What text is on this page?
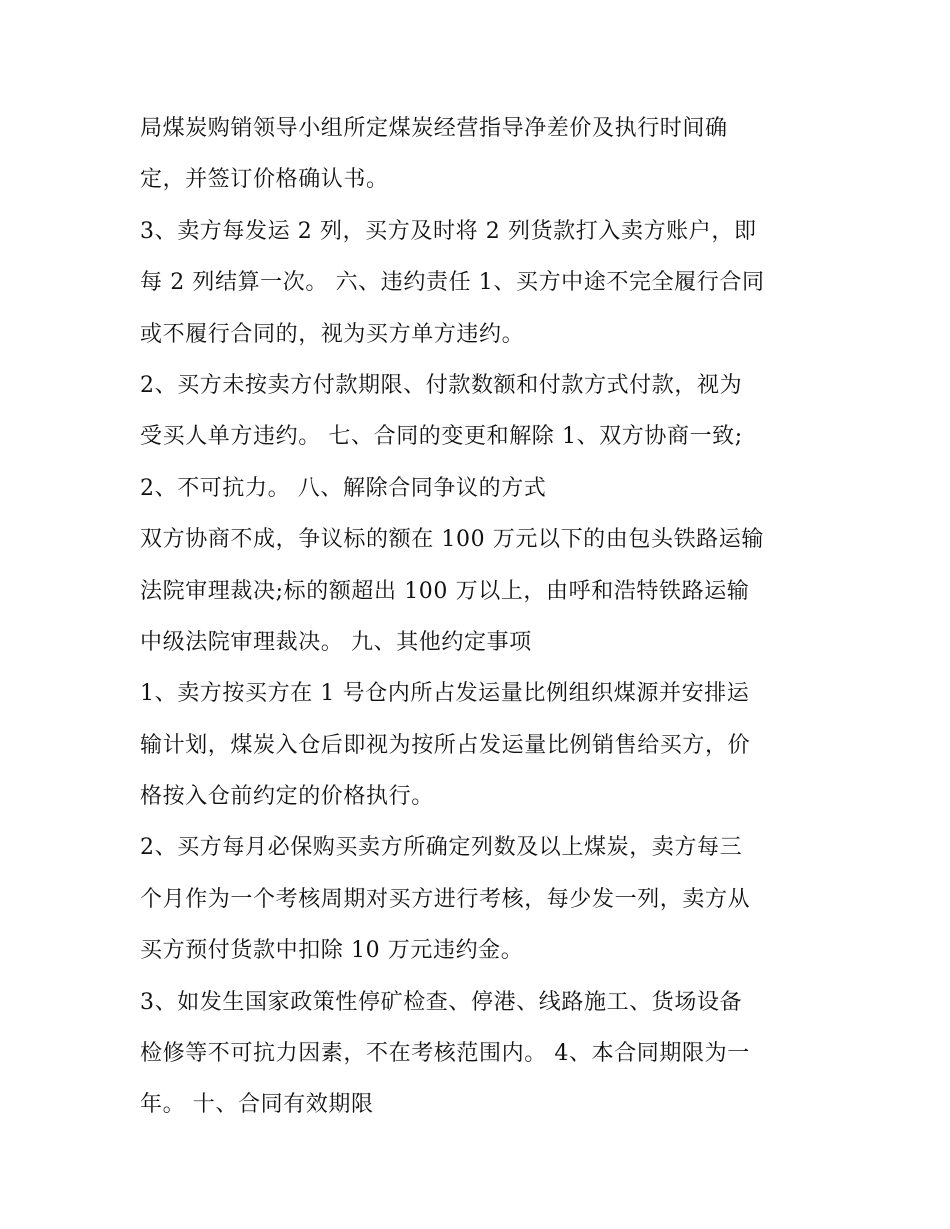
局煤炭购销领导小组所定煤炭经营指导净差价及执行时间确
定，并签订价格确认书。
3、卖方每发运 2 列，买方及时将 2 列货款打入卖方账户，即
每 2 列结算一次。 六、违约责任 1、买方中途不完全履行合同
或不履行合同的，视为买方单方违约。
2、买方未按卖方付款期限、付款数额和付款方式付款，视为
受买人单方违约。 七、合同的变更和解除 1、双方协商一致;
2、不可抗力。 八、解除合同争议的方式
双方协商不成，争议标的额在 100 万元以下的由包头铁路运输
法院审理裁决;标的额超出 100 万以上，由呼和浩特铁路运输
中级法院审理裁决。 九、其他约定事项
1、卖方按买方在 1 号仓内所占发运量比例组织煤源并安排运
输计划，煤炭入仓后即视为按所占发运量比例销售给买方，价
格按入仓前约定的价格执行。
2、买方每月必保购买卖方所确定列数及以上煤炭，卖方每三
个月作为一个考核周期对买方进行考核，每少发一列，卖方从
买方预付货款中扣除 10 万元违约金。
3、如发生国家政策性停矿检查、停港、线路施工、货场设备
检修等不可抗力因素，不在考核范围内。 4、本合同期限为一
年。 十、合同有效期限
